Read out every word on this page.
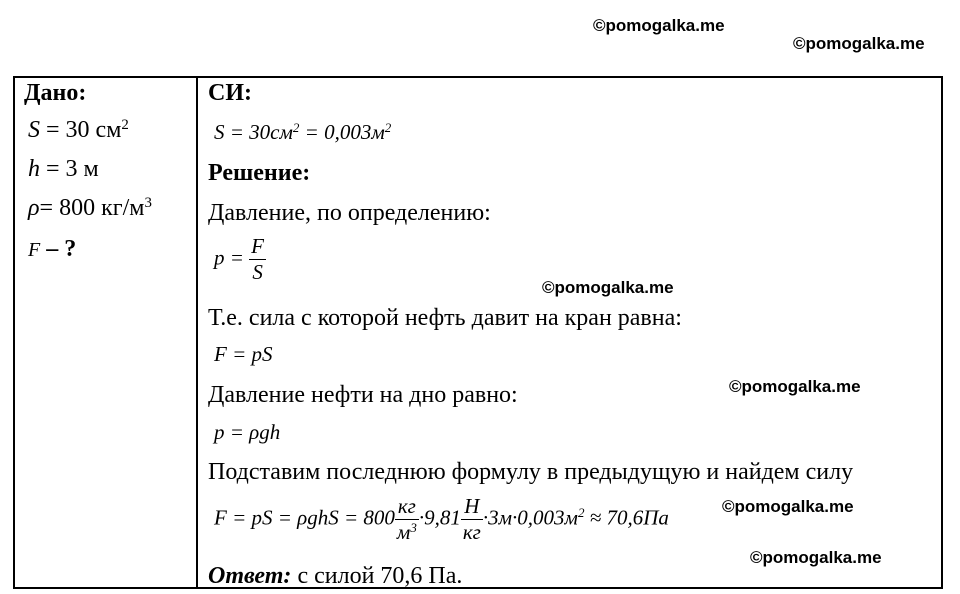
©pomogalka.me
©pomogalka.me
Дано:
S = 30 $см^2$
h = 3 м
ρ= 800 $кг/м^3$
F – ?
СИ:
$S = 30см^2 = 0,003м^2$
Решение:
Давление, по определению:
$p = \frac{F}{S}$
Т.е. сила с которой нефть давит на кран равна:
F = pS
Давление нефти на дно равно:
p = ρgh
Подставим последнюю формулу в предыдущую и найдем силу
F = pS = $\rho ghS = 800 \frac{кг}{м^3} \cdot 9,81 \frac{Н}{кг} \cdot 3м\cdot 0,003м^2 \approx 70,6Па$
Ответ: с силой 70,6 Па.
©pomogalka.me
©pomogalka.me
©pomogalka.me
©pomogalka.me
